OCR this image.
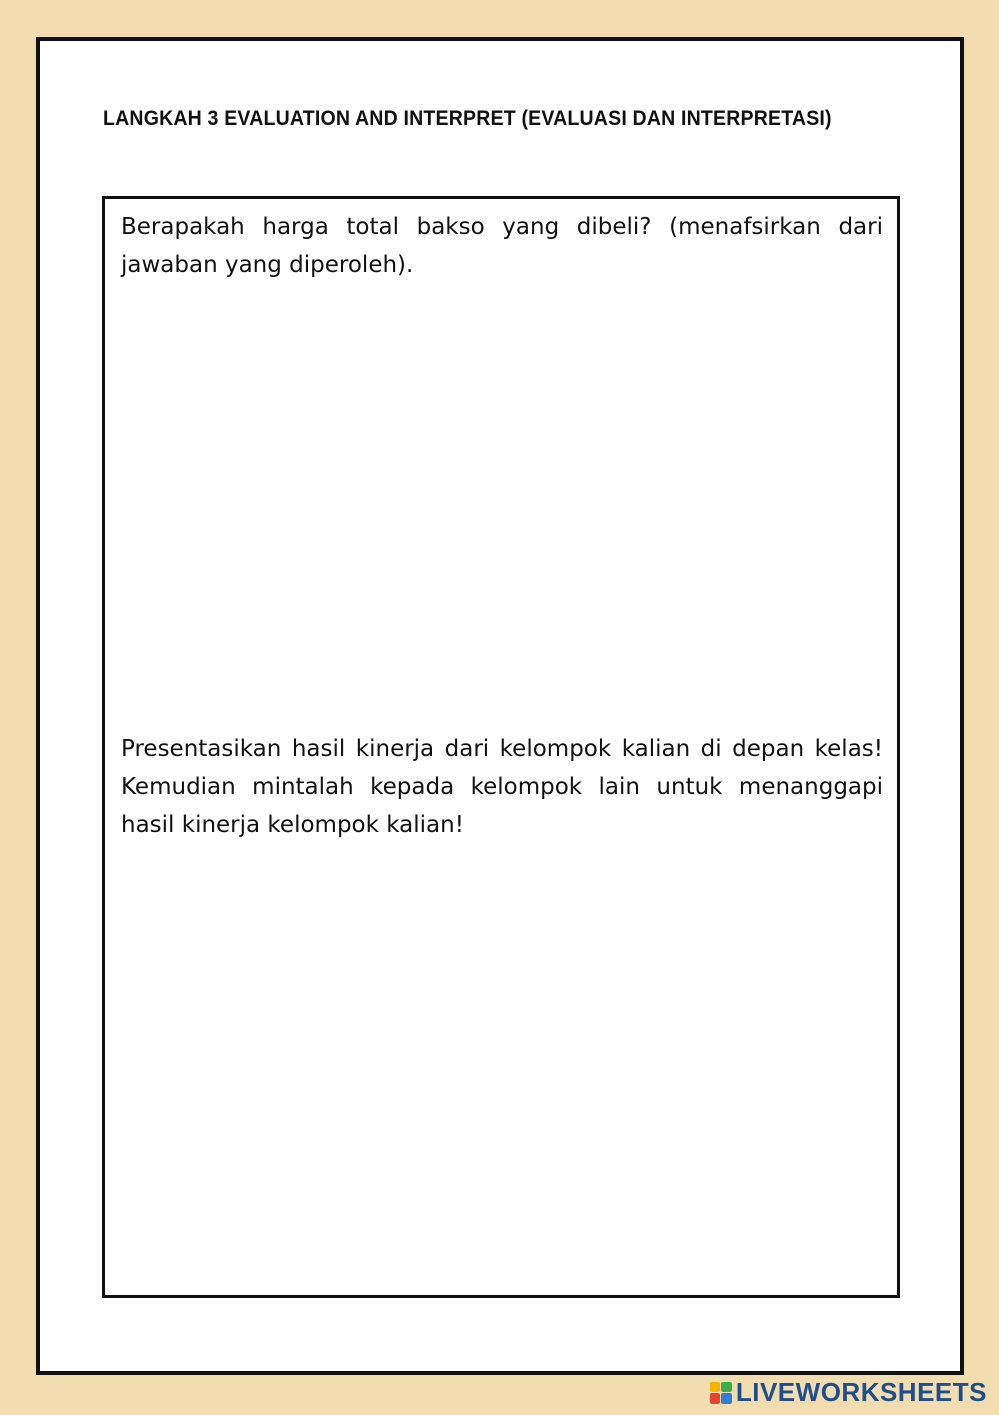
LANGKAH 3 EVALUATION AND INTERPRET (EVALUASI DAN INTERPRETASI)

Berapakah harga total bakso yang dibeli? (menafsirkan dari jawaban yang diperoleh).

Presentasikan hasil kinerja dari kelompok kalian di depan kelas! Kemudian mintalah kepada kelompok lain untuk menanggapi hasil kinerja kelompok kalian!

LIVEWORKSHEETS
